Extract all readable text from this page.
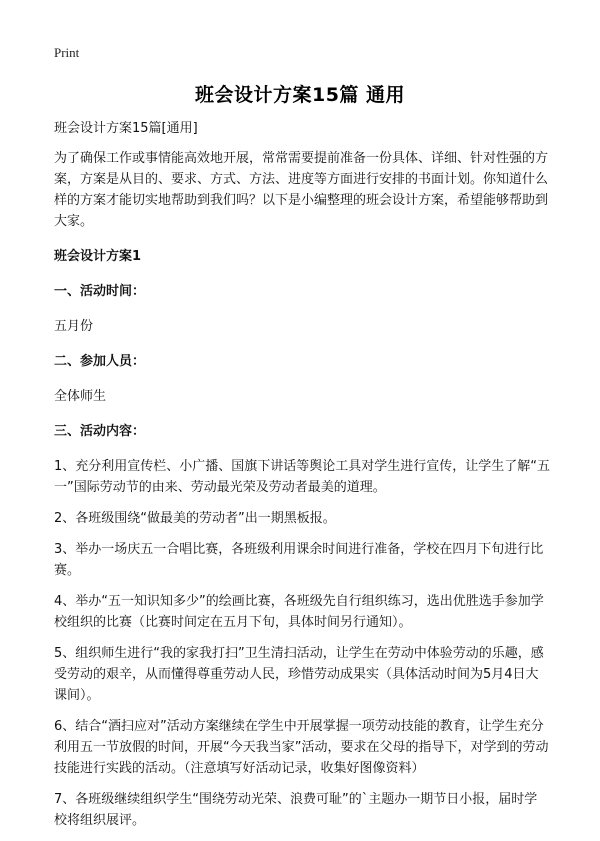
Print
班会设计方案15篇 通用

班会设计方案15篇[通用]

为了确保工作或事情能高效地开展，常常需要提前准备一份具体、详细、针对性强的方案，方案是从目的、要求、方式、方法、进度等方面进行安排的书面计划。你知道什么样的方案才能切实地帮助到我们吗？以下是小编整理的班会设计方案，希望能够帮助到大家。

班会设计方案1

一、活动时间：

五月份

二、参加人员：

全体师生

三、活动内容：

1、充分利用宣传栏、小广播、国旗下讲话等舆论工具对学生进行宣传，让学生了解“五一”国际劳动节的由来、劳动最光荣及劳动者最美的道理。

2、各班级围绕“做最美的劳动者”出一期黑板报。

3、举办一场庆五一合唱比赛，各班级利用课余时间进行准备，学校在四月下旬进行比赛。

4、举办“五一知识知多少”的绘画比赛，各班级先自行组织练习，选出优胜选手参加学校组织的比赛（比赛时间定在五月下旬，具体时间另行通知）。

5、组织师生进行“我的家我打扫”卫生清扫活动，让学生在劳动中体验劳动的乐趣，感受劳动的艰辛，从而懂得尊重劳动人民，珍惜劳动成果实（具体活动时间为5月4日大课间）。

6、结合“酒扫应对”活动方案继续在学生中开展掌握一项劳动技能的教育，让学生充分利用五一节放假的时间，开展“今天我当家”活动，要求在父母的指导下，对学到的劳动技能进行实践的活动。（注意填写好活动记录，收集好图像资料）

7、各班级继续组织学生“围绕劳动光荣、浪费可耻”的`主题办一期节日小报，届时学校将组织展评。
